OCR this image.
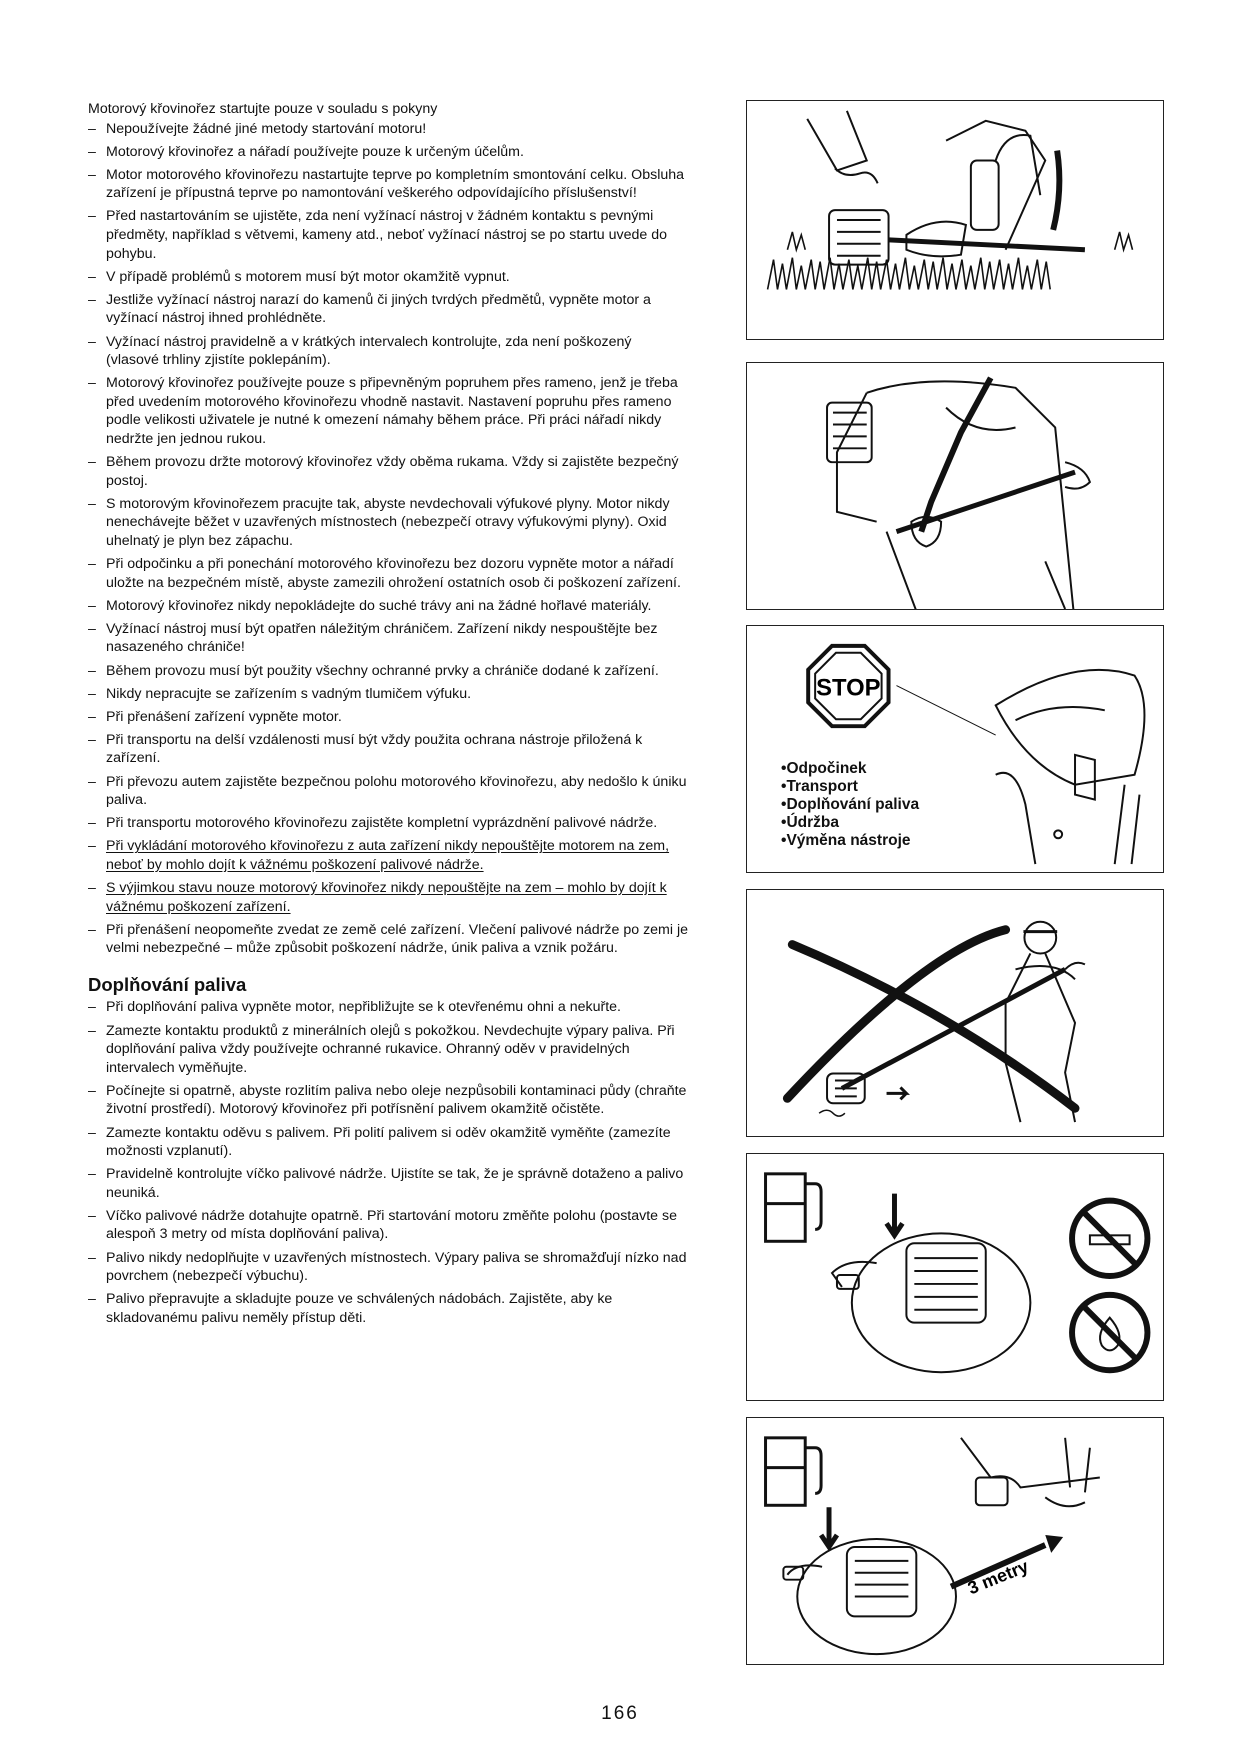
Motorový křovinořez startujte pouze v souladu s pokyny

– Nepoužívejte žádné jiné metody startování motoru!
– Motorový křovinořez a nářadí používejte pouze k určeným účelům.
– Motor motorového křovinořezu nastartujte teprve po kompletním smontování celku. Obsluha zařízení je přípustná teprve po namontování veškerého odpovídajícího příslušenství!
– Před nastartováním se ujistěte, zda není vyžínací nástroj v žádném kontaktu s pevnými předměty, například s větvemi, kameny atd., neboť vyžínací nástroj se po startu uvede do pohybu.
– V případě problémů s motorem musí být motor okamžitě vypnut.
– Jestliže vyžínací nástroj narazí do kamenů či jiných tvrdých předmětů, vypněte motor a vyžínací nástroj ihned prohlédněte.
– Vyžínací nástroj pravidelně a v krátkých intervalech kontrolujte, zda není poškozený (vlasové trhliny zjistíte poklepáním).
– Motorový křovinořez používejte pouze s připevněným popruhem přes rameno, jenž je třeba před uvedením motorového křovinořezu vhodně nastavit. Nastavení popruhu přes rameno podle velikosti uživatele je nutné k omezení námahy během práce. Při práci nářadí nikdy nedržte jen jednou rukou.
– Během provozu držte motorový křovinořez vždy oběma rukama. Vždy si zajistěte bezpečný postoj.
– S motorovým křovinořezem pracujte tak, abyste nevdechovali výfukové plyny. Motor nikdy nenechávejte běžet v uzavřených místnostech (nebezpečí otravy výfukovými plyny). Oxid uhelnatý je plyn bez zápachu.
– Při odpočinku a při ponechání motorového křovinořezu bez dozoru vypněte motor a nářadí uložte na bezpečném místě, abyste zamezili ohrožení ostatních osob či poškození zařízení.
– Motorový křovinořez nikdy nepokládejte do suché trávy ani na žádné hořlavé materiály.
– Vyžínací nástroj musí být opatřen náležitým chráničem. Zařízení nikdy nespouštějte bez nasazeného chrániče!
– Během provozu musí být použity všechny ochranné prvky a chrániče dodané k zařízení.
– Nikdy nepracujte se zařízením s vadným tlumičem výfuku.
– Při přenášení zařízení vypněte motor.
– Při transportu na delší vzdálenosti musí být vždy použita ochrana nástroje přiložená k zařízení.
– Při převozu autem zajistěte bezpečnou polohu motorového křovinořezu, aby nedošlo k úniku paliva.
– Při transportu motorového křovinořezu zajistěte kompletní vyprázdnění palivové nádrže.
– Při vykládání motorového křovinořezu z auta zařízení nikdy nepouštějte motorem na zem, neboť by mohlo dojít k vážnému poškození palivové nádrže.
– S výjimkou stavu nouze motorový křovinořez nikdy nepouštějte na zem – mohlo by dojít k vážnému poškození zařízení.
– Při přenášení neopomeňte zvedat ze země celé zařízení. Vlečení palivové nádrže po zemi je velmi nebezpečné – může způsobit poškození nádrže, únik paliva a vznik požáru.
Doplňování paliva
– Při doplňování paliva vypněte motor, nepřibližujte se k otevřenému ohni a nekuřte.
– Zamezte kontaktu produktů z minerálních olejů s pokožkou. Nevdechujte výpary paliva. Při doplňování paliva vždy používejte ochranné rukavice. Ohranný oděv v pravidelných intervalech vyměňujte.
– Počínejte si opatrně, abyste rozlitím paliva nebo oleje nezpůsobili kontaminaci půdy (chraňte životní prostředí). Motorový křovinořez při potřísnění palivem okamžitě očistěte.
– Zamezte kontaktu oděvu s palivem. Při polití palivem si oděv okamžitě vyměňte (zamezíte možnosti vzplanutí).
– Pravidelně kontrolujte víčko palivové nádrže. Ujistíte se tak, že je správně dotaženo a palivo neuniká.
– Víčko palivové nádrže dotahujte opatrně. Při startování motoru změňte polohu (postavte se alespoň 3 metry od místa doplňování paliva).
– Palivo nikdy nedoplňujte v uzavřených místnostech. Výpary paliva se shromažďují nízko nad povrchem (nebezpečí výbuchu).
– Palivo přepravujte a skladujte pouze ve schválených nádobách. Zajistěte, aby ke skladovanému palivu neměly přístup děti.
STOP
• Odpočinek
• Transport
• Doplňování paliva
• Údržba
• Výměna nástroje
3 metry
166
